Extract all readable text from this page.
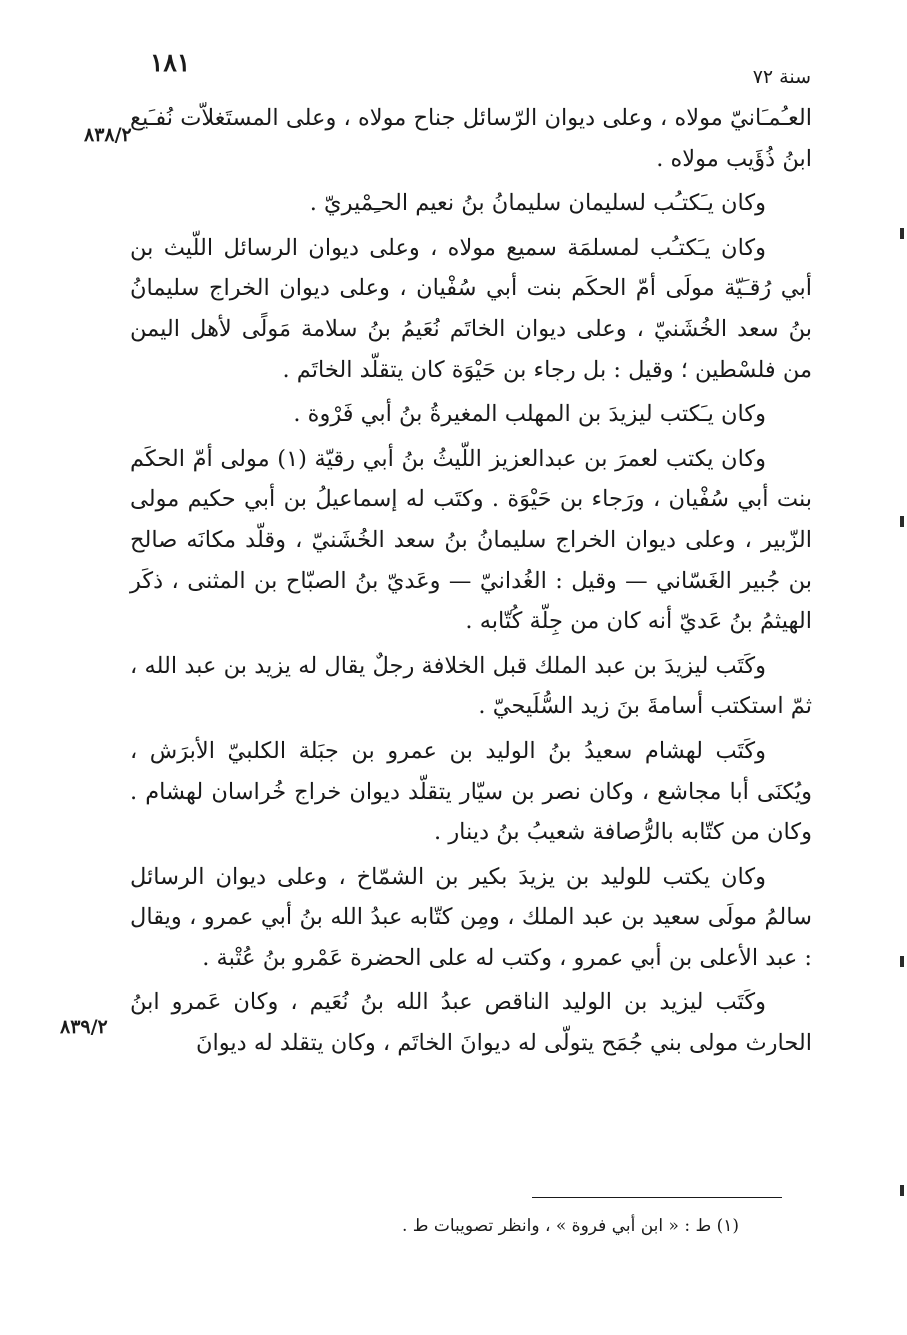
١٨١	سنة ٧٢
٨٣٨/٢
٨٣٩/٢

العـُمـَانيّ مولاه ، وعلى ديوان الرّسائل جناح مولاه ، وعلى المستَغلاّت نُفـَيع ابنُ ذُؤَيب مولاه .

وكان يـَكتـُب لسليمان سليمانُ بنُ نعيم الحـِمْيريّ .

وكان يـَكتـُب لمسلمَة سميع مولاه ، وعلى ديوان الرسائل اللّيث بن أبي رُقـَيّة مولَى أمّ الحكَم بنت أبي سُفْيان ، وعلى ديوان الخراج سليمانُ بنُ سعد الخُشَنيّ ، وعلى ديوان الخاتَم نُعَيمُ بنُ سلامة مَولًى لأهل اليمن من فلسْطين ؛ وقيل : بل رجاء بن حَيْوَة كان يتقلّد الخاتَم .

وكان يـَكتب ليزيدَ بن المهلب المغيرةُ بنُ أبي فَرْوة .

وكان يكتب لعمرَ بن عبدالعزيز اللّيثُ بنُ أبي رقيّة (١) مولى أمّ الحكَم بنت أبي سُفْيان ، ورَجاء بن حَيْوَة . وكتَب له إسماعيلُ بن أبي حكيم مولى الزّبير ، وعلى ديوان الخراج سليمانُ بنُ سعد الخُشَنيّ ، وقلّد مكانَه صالح بن جُبير الغَسّاني — وقيل : الغُدانيّ — وعَديّ بنُ الصبّاح بن المثنى ، ذكَر الهيثمُ بنُ عَديّ أنه كان من جِلّة كُتّابه .

وكَتَب ليزيدَ بن عبد الملك قبل الخلافة رجلٌ يقال له يزيد بن عبد الله ، ثمّ استكتب أسامةَ بنَ زيد السُّلَيحيّ .

وكَتَب لهشام سعيدُ بنُ الوليد بن عمرو بن جبَلة الكلبيّ الأبرَش ، ويُكنَى أبا مجاشع ، وكان نصر بن سيّار يتقلّد ديوان خراج خُراسان لهشام . وكان من كتّابه بالرُّصافة شعيبُ بنُ دينار .

وكان يكتب للوليد بن يزيدَ بكير بن الشمّاخ ، وعلى ديوان الرسائل سالمُ مولَى سعيد بن عبد الملك ، ومِن كتّابه عبدُ الله بنُ أبي عمرو ، ويقال : عبد الأعلى بن أبي عمرو ، وكتب له على الحضرة عَمْرو بنُ عُتْبة .

وكَتَب ليزيد بن الوليد الناقص عبدُ الله بنُ نُعَيم ، وكان عَمرو ابنُ الحارث مولى بني جُمَح يتولّى له ديوانَ الخاتَم ، وكان يتقلد له ديوانَ

(١) ط : « ابن أبي فروة » ، وانظر تصويبات ط .
